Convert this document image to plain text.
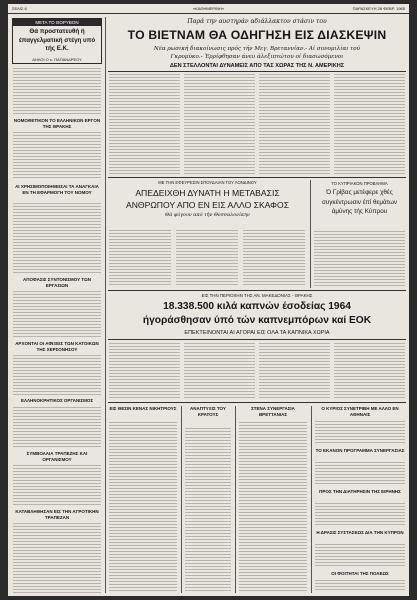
ΣΕΛΙΣ 6	«ΚΑΘΗΜΕΡΙΝΗ»	ΠΑΡΑΣΚΕΥΗ 26 ΦΕΒΡ. 1965
ΜΕΤΑ ΤΟ ΘΟΡΥΒΟΝ
Θά προστατευθή ή έπαγγελματική στέγη υπό τής Ε.Κ.
ΔΗΛΟΙ Ο κ. ΠΑΠΑΝΔΡΕΟΥ
ΝΟΜΟΘΕΤΙΚΟΝ ΤΟ ΕΛΛΗΝΙΚΟΝ ΕΡΓΟΝ ΤΗΣ ΘΡΑΚΗΣ
ΑΙ ΧΡΗΣΙΜΟΠΟΙΗΘΕΙΣΑΙ ΤΑ ΑΝΑΓΚΑΙΑ ΕΝ ΤΗ ΕΦΑΡΜΟΓΗ ΤΟΥ ΝΟΜΟΥ
ΑΠΟΦΑΣΙΣ ΣΥΝΤΟΝΙΣΜΟΥ ΤΩΝ ΕΡΓΑΣΙΩΝ
ΑΡΧΟΝΤΑΙ ΟΙ ΑΦΙΞΕΙΣ ΤΩΝ ΚΑΤΟΙΚΩΝ ΤΗΣ ΧΕΡΣΟΝΗΣΟΥ
ΕΛΛΗΝΟΚΡΗΤΙΚΟΣ ΟΡΓΑΝΙΣΜΟΣ
ΣΥΜΒΟΛΑΙΑ ΤΡΑΠΕΖΗΣ ΚΑΙ ΟΡΓΑΝΙΣΜΟΥ
ΚΑΤΑΒΛΗΘΗΣΑΝ ΕΙΣ ΤΗΝ ΑΓΡΟΤΙΚΗΝ ΤΡΑΠΕΖΑΝ
Παρά την αυστηράν αδιάλλακτον στάσιν του
ΤΟ ΒΙΕΤΝΑΜ ΘΑ ΟΔΗΓΗΣΗ ΕΙΣ ΔΙΑΣΚΕΨΙΝ
Νέα ρωσική διακοίνωσις πρός τήν Μεγ. Βρεταννίαν.- Αί συνομιλίαι τού
Γκρομύκο.- Έρρίφθησαν άνευ άλεξιπτώτου οί διασωσόμενοι
ΔΕΝ ΣΤΕΛΛΟΝΤΑΙ ΔΥΝΑΜΕΙΣ ΑΠΟ ΤΑΣ ΧΩΡΑΣ ΤΗΣ Ν. ΑΜΕΡΙΚΗΣ
ΜΕ ΤΗΝ ΕΦΕΥΡΕΣΙΝ ΣΠΟΥΔΑΙΑΝ ΤΟΥ ΛΟΝΔΙΝΟΥ
ΑΠΕΔΕΙΧΘΗ ΔΥΝΑΤΗ Η ΜΕΤΑΒΑΣΙΣ
ΑΝΘΡΩΠΟΥ ΑΠΟ ΕΝ ΕΙΣ ΑΛΛΟ ΣΚΑΦΟΣ
Θά φύγουν από τήν Θεσσαλονίκην
ΤΟ ΚΥΠΡΙΑΚΟΝ ΠΡΟΒΛΗΜΑ
Ό Γρίβας μετέφερε χθές συγκέντρωσιν έπί θεμάτων άμύνης τής Κύπρου
ΕΙΣ ΤΗΝ ΠΕΡΙΟΧΗΝ ΤΗΣ ΑΝ. ΜΑΚΕΔΟΝΙΑΣ - ΘΡΑΚΗΣ
18.338.500 κιλά καπνών έσοδείας 1964
ήγοράσθησαν ύπό τών καπνεμπόρων καί ΕΟΚ
ΕΠΕΚΤΕΙΝΟΝΤΑΙ ΑΙ ΑΓΟΡΑΙ ΕΙΣ ΟΛΑ ΤΑ ΚΑΠΝΙΚΑ ΧΩΡΙΑ
ΕΙΣ ΘΕΣΙΝ ΚΕΝΑΣ ΝΙΚΗΤΡΙΟΥΣ	ΑΝΑΠΤΥΞΙΣ ΤΟΥ ΚΡΑΤΟΥΣ
ΣΤΕΝΑ ΣΥΝΕΡΓΑΣΙΑ ΒΡΕΤΤΑΝΙΑΣ
Ο ΚΥΡΙΟΣ ΣΥΝΕΤΡΙΒΗ ΜΕ ΑΛΛΟ ΕΝ ΑΘΗΝΑΙΣ
ΤΟ ΕΚΑΝΟΝ ΠΡΟΓΡΑΜΜΑ ΣΥΝΕΡΓΑΣΙΑΣ
ΠΡΟΣ ΤΗΝ ΔΙΑΤΗΡΗΣΙΝ ΤΗΣ ΕΙΡΗΝΗΣ
Η ΔΡΑΣΙΣ ΣΥΣΤΑΣΕΩΣ ΔΙΑ ΤΗΝ ΚΥΠΡΟΝ
ΟΙ ΦΟΙΤΗΤΑΙ ΤΗΣ ΠΟΛΕΩΣ
